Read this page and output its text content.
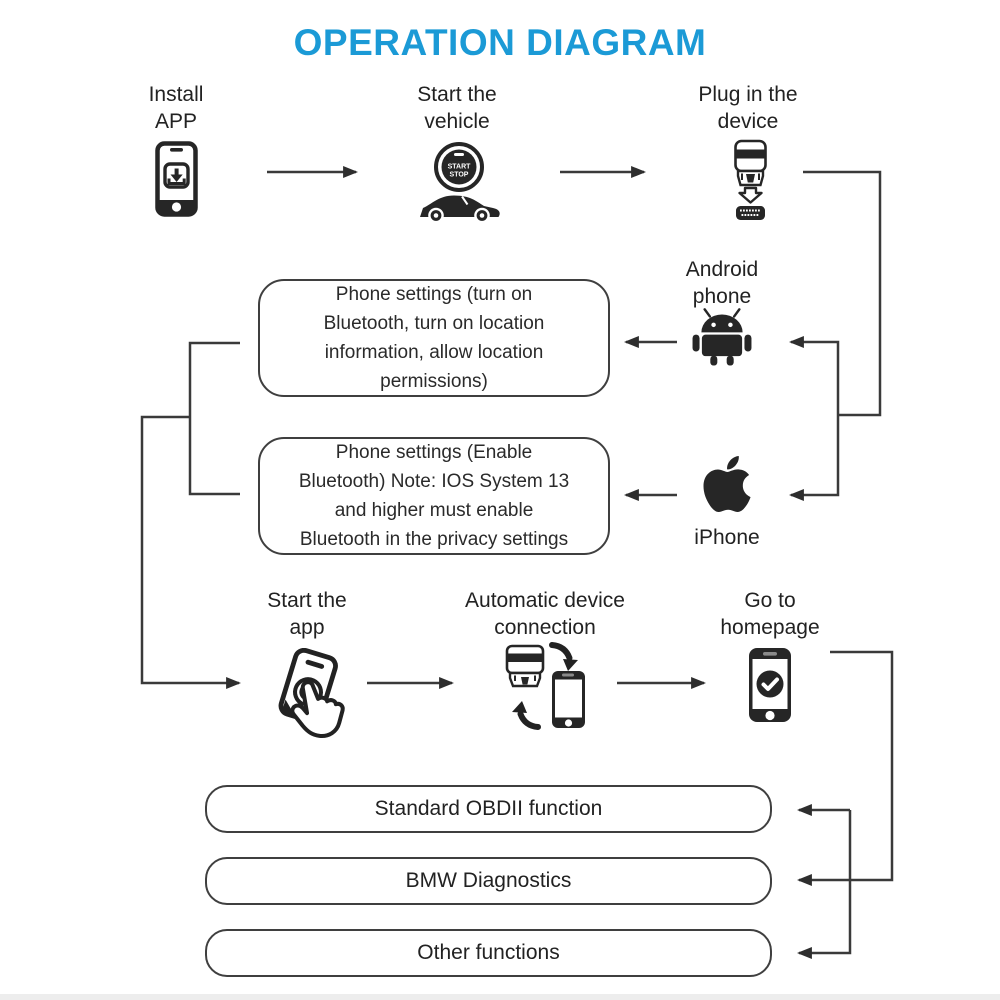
OPERATION DIAGRAM
Install
APP
Start the
vehicle
START
STOP
Plug in the
device
Android
phone
Phone settings (turn on
Bluetooth, turn on location
information, allow location
permissions)
iPhone
Phone settings (Enable
Bluetooth) Note: IOS System 13
and higher must enable
Bluetooth in the privacy settings
Start the
app
Automatic device
connection
Go to
homepage
Standard OBDII function
BMW Diagnostics
Other functions
